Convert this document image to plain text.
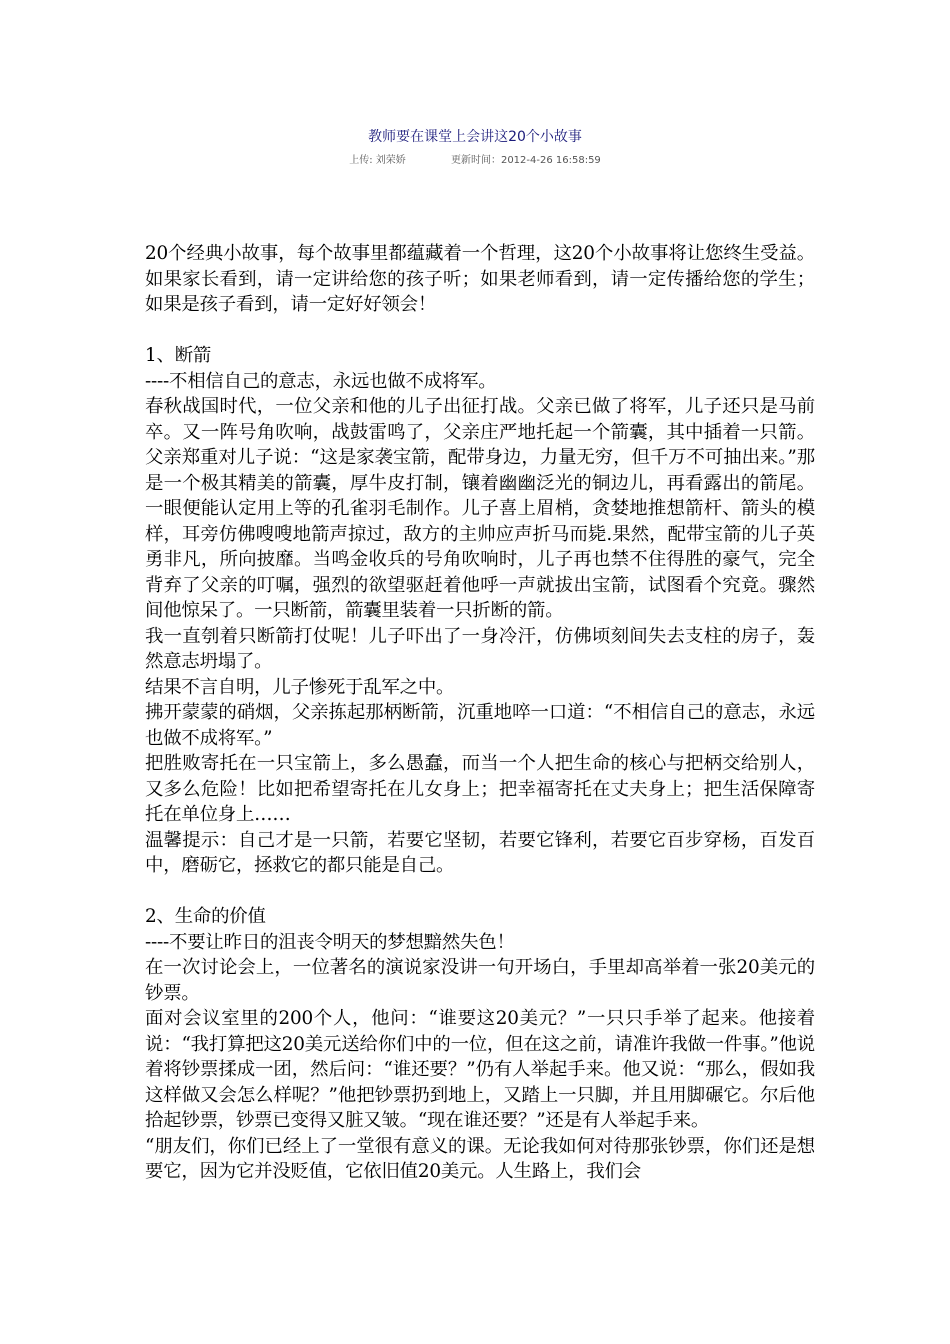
教师要在课堂上会讲这20个小故事
上传: 刘荣娇	更新时间：2012-4-26 16:58:59

20个经典小故事，每个故事里都蕴藏着一个哲理，这20个小故事将让您终生受益。如果家长看到，请一定讲给您的孩子听；如果老师看到，请一定传播给您的学生；如果是孩子看到，请一定好好领会！

1、断箭

----不相信自己的意志，永远也做不成将军。

春秋战国时代，一位父亲和他的儿子出征打战。父亲已做了将军，儿子还只是马前卒。又一阵号角吹响，战鼓雷鸣了，父亲庄严地托起一个箭囊，其中插着一只箭。父亲郑重对儿子说：“这是家袭宝箭，配带身边，力量无穷，但千万不可抽出来。”那是一个极其精美的箭囊，厚牛皮打制，镶着幽幽泛光的铜边儿，再看露出的箭尾。一眼便能认定用上等的孔雀羽毛制作。儿子喜上眉梢，贪婪地推想箭杆、箭头的模样，耳旁仿佛嗖嗖地箭声掠过，敌方的主帅应声折马而毙.果然，配带宝箭的儿子英勇非凡，所向披靡。当鸣金收兵的号角吹响时，儿子再也禁不住得胜的豪气，完全背弃了父亲的叮嘱，强烈的欲望驱赶着他呼一声就拔出宝箭，试图看个究竟。骤然间他惊呆了。一只断箭，箭囊里装着一只折断的箭。

我一直刳着只断箭打仗呢！儿子吓出了一身冷汗，仿佛顷刻间失去支柱的房子，轰然意志坍塌了。

结果不言自明，儿子惨死于乱军之中。

拂开蒙蒙的硝烟，父亲拣起那柄断箭，沉重地啐一口道：“不相信自己的意志，永远也做不成将军。”

把胜败寄托在一只宝箭上，多么愚蠢，而当一个人把生命的核心与把柄交给别人，又多么危险！比如把希望寄托在儿女身上；把幸福寄托在丈夫身上；把生活保障寄托在单位身上……

温馨提示：自己才是一只箭，若要它坚韧，若要它锋利，若要它百步穿杨，百发百中，磨砺它，拯救它的都只能是自己。

2、生命的价值

----不要让昨日的沮丧令明天的梦想黯然失色！

在一次讨论会上，一位著名的演说家没讲一句开场白，手里却高举着一张20美元的钞票。

面对会议室里的200个人，他问：“谁要这20美元？”一只只手举了起来。他接着说：“我打算把这20美元送给你们中的一位，但在这之前，请准许我做一件事。”他说着将钞票揉成一团，然后问：“谁还要？”仍有人举起手来。他又说：“那么，假如我这样做又会怎么样呢？”他把钞票扔到地上，又踏上一只脚，并且用脚碾它。尔后他拾起钞票，钞票已变得又脏又皱。“现在谁还要？”还是有人举起手来。

“朋友们，你们已经上了一堂很有意义的课。无论我如何对待那张钞票，你们还是想要它，因为它并没贬值，它依旧值20美元。人生路上，我们会
